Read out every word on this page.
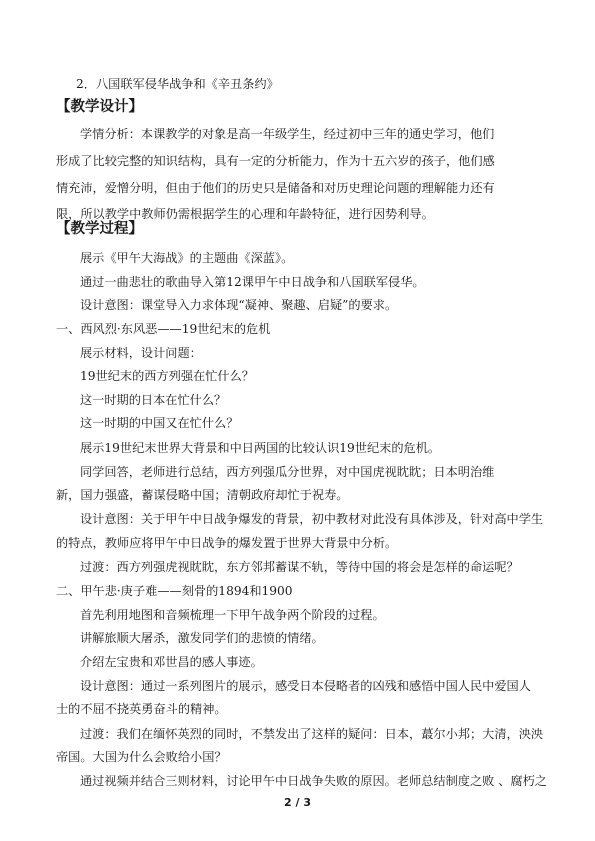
2．八国联军侵华战争和《辛丑条约》
【教学设计】
学情分析：本课教学的对象是高一年级学生，经过初中三年的通史学习，他们
形成了比较完整的知识结构，具有一定的分析能力，作为十五六岁的孩子，他们感
情充沛，爱憎分明，但由于他们的历史只是储备和对历史理论问题的理解能力还有
限，所以教学中教师仍需根据学生的心理和年龄特征，进行因势利导。
【教学过程】
展示《甲午大海战》的主题曲《深蓝》。
通过一曲悲壮的歌曲导入第12课甲午中日战争和八国联军侵华。
设计意图：课堂导入力求体现“凝神、聚趣、启疑”的要求。
一、西风烈·东风恶——19世纪末的危机
展示材料，设计问题：
19世纪末的西方列强在忙什么？
这一时期的日本在忙什么？
这一时期的中国又在忙什么？
展示19世纪末世界大背景和中日两国的比较认识19世纪末的危机。
同学回答，老师进行总结，西方列强瓜分世界，对中国虎视眈眈；日本明治维
新，国力强盛，蓄谋侵略中国；清朝政府却忙于祝寿。
设计意图：关于甲午中日战争爆发的背景，初中教材对此没有具体涉及，针对高中学生
的特点，教师应将甲午中日战争的爆发置于世界大背景中分析。
过渡：西方列强虎视眈眈，东方邻邦蓄谋不轨，等待中国的将会是怎样的命运呢？
二、甲午悲·庚子难——刻骨的1894和1900
首先利用地图和音频梳理一下甲午战争两个阶段的过程。
讲解旅顺大屠杀，激发同学们的悲愤的情绪。
介绍左宝贵和邓世昌的感人事迹。
设计意图：通过一系列图片的展示，感受日本侵略者的凶残和感悟中国人民中爱国人
士的不屈不挠英勇奋斗的精神。
过渡：我们在缅怀英烈的同时，不禁发出了这样的疑问：日本，蕞尔小邦；大清，泱泱
帝国。大国为什么会败给小国？
通过视频并结合三则材料，讨论甲午中日战争失败的原因。老师总结制度之败 、腐朽之
2 / 3
